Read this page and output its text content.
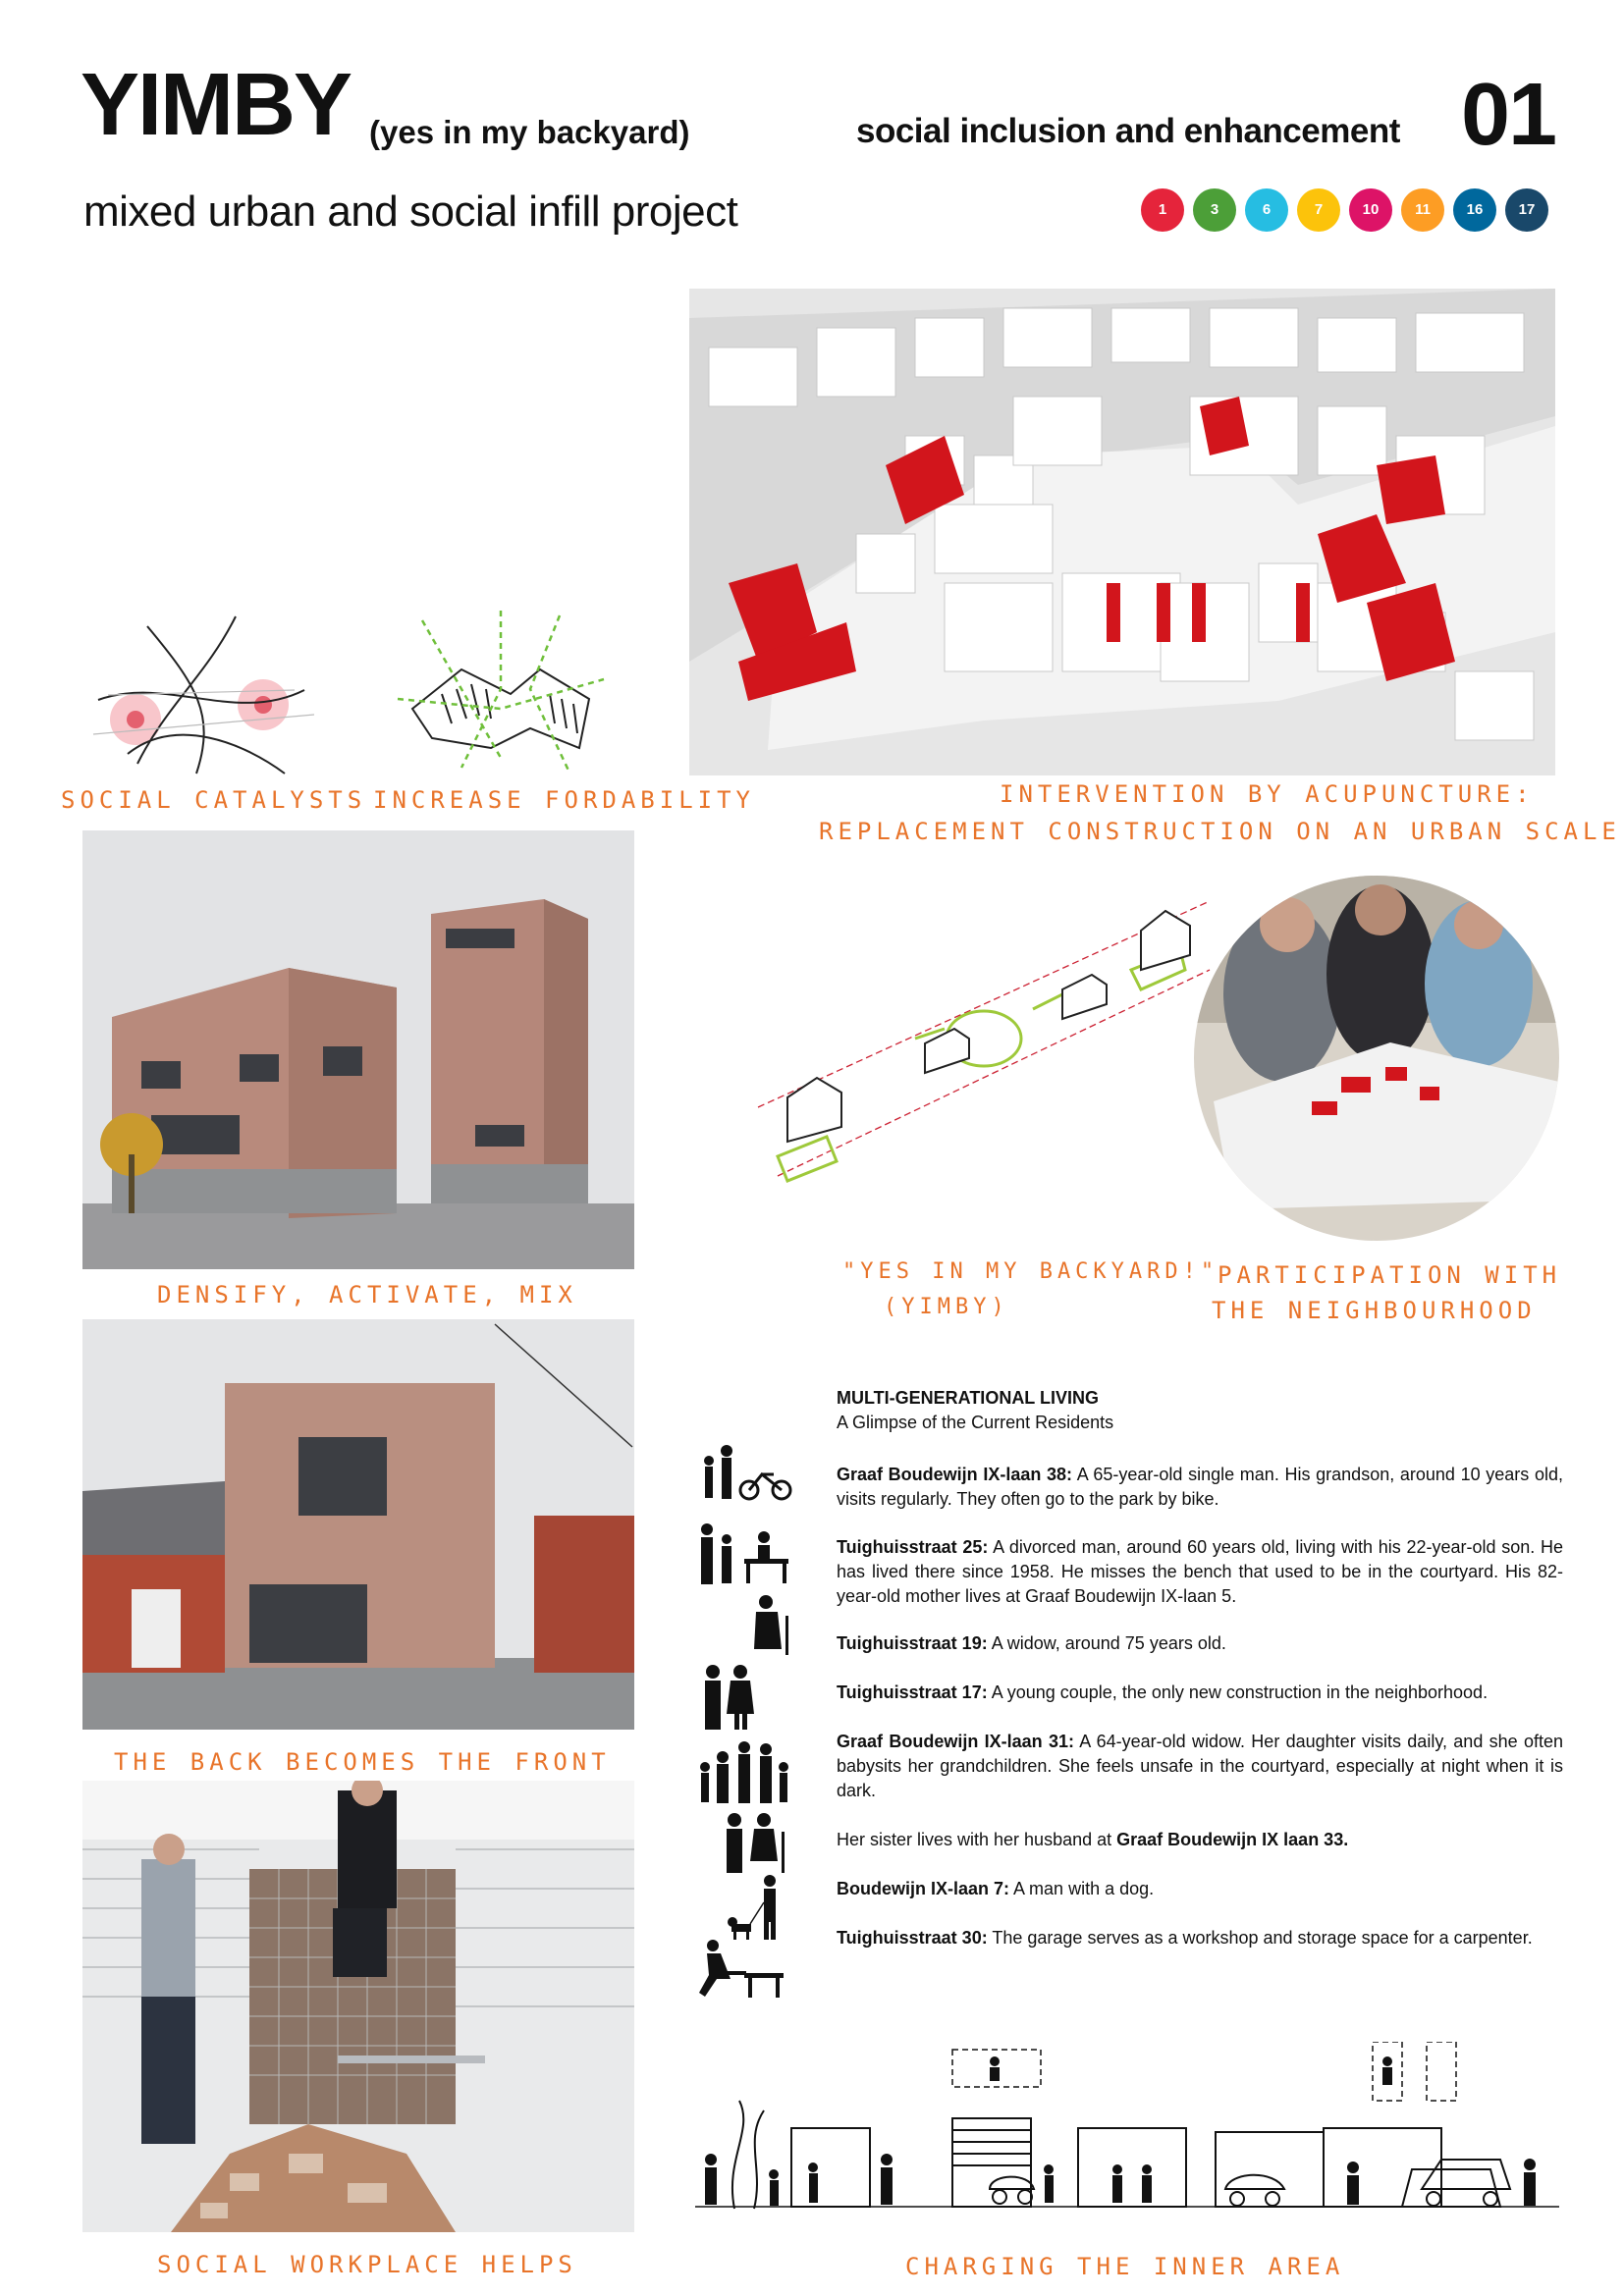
YIMBY (yes in my backyard)
mixed urban and social infill project
social inclusion and enhancement 01
1	3	6	7	10	11	16	17
SOCIAL CATALYSTS INCREASE FORDABILITY	INTERVENTION BY ACUPUNCTURE:
REPLACEMENT CONSTRUCTION ON AN URBAN SCALE
DENSIFY, ACTIVATE, MIX
"YES IN MY BACKYARD!"
(YIMBY)
PARTICIPATION WITH
THE NEIGHBOURHOOD
MULTI-GENERATIONAL LIVING
A Glimpse of the Current Residents
Graaf Boudewijn IX-laan 38: A 65-year-old single man. His grandson, around 10 years old, visits regularly. They often go to the park by bike.
Tuighuisstraat 25: A divorced man, around 60 years old, living with his 22-year-old son. He has lived there since 1958. He misses the bench that used to be in the courtyard. His 82-year-old mother lives at Graaf Boudewijn IX-laan 5.
Tuighuisstraat 19: A widow, around 75 years old.
Tuighuisstraat 17: A young couple, the only new construction in the neighborhood.
Graaf Boudewijn IX-laan 31: A 64-year-old widow. Her daughter visits daily, and she often babysits her grandchildren. She feels unsafe in the courtyard, especially at night when it is dark.
Her sister lives with her husband at Graaf Boudewijn IX laan 33.
Boudewijn IX-laan 7: A man with a dog.
Tuighuisstraat 30: The garage serves as a workshop and storage space for a carpenter.
THE BACK BECOMES THE FRONT
SOCIAL WORKPLACE HELPS	CHARGING THE INNER AREA
